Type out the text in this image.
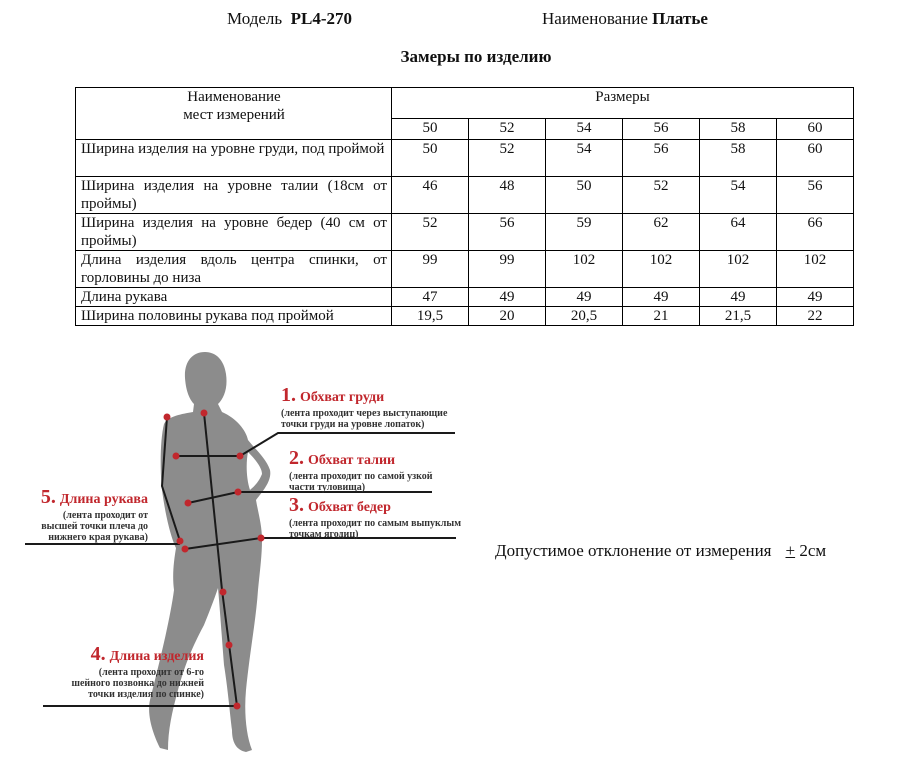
Модель PL4-270	Наименование Платье
Замеры по изделию
Наименование
мест измерений	Размеры					
	50	52	54	56	58	60
Ширина изделия на уровне груди, под проймой	50	52	54	56	58	60
Ширина изделия на уровне талии (18см от проймы)	46	48	50	52	54	56
Ширина изделия на уровне бедер (40 см от проймы)	52	56	59	62	64	66
Длина изделия вдоль центра спинки, от горловины до низа	99	99	102	102	102	102
Длина рукава	47	49	49	49	49	49
Ширина половины рукава под проймой	19,5	20	20,5	21	21,5	22
1. Обхват груди
(лента проходит через выступающие
точки груди на уровне лопаток)
2. Обхват талии
(лента проходит по самой узкой
части туловища)
3. Обхват бедер
(лента проходит по самым выпуклым
точкам ягодиц)
5. Длина рукава
(лента проходит от
высшей точки плеча до
нижнего края рукава)
4. Длина изделия
(лента проходит от 6-го
шейного позвонка до нижней
точки изделия по спинке)
Допустимое отклонение от измерения + 2см
